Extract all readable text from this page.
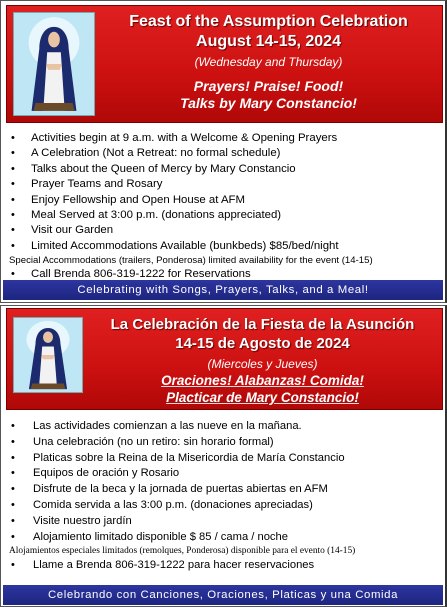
Feast of the Assumption Celebration
August 14-15, 2024
(Wednesday and Thursday)
Prayers! Praise! Food!
Talks by Mary Constancio!
• Activities begin at 9 a.m. with a Welcome & Opening Prayers
• A Celebration (Not a Retreat: no formal schedule)
• Talks about the Queen of Mercy by Mary Constancio
• Prayer Teams and Rosary
• Enjoy Fellowship and Open House at AFM
• Meal Served at 3:00 p.m. (donations appreciated)
• Visit our Garden
• Limited Accommodations Available (bunkbeds) $85/bed/night
Special Accommodations (trailers, Ponderosa) limited availability for the event (14-15)
• Call Brenda 806-319-1222 for Reservations
Celebrating with Songs, Prayers, Talks, and a Meal!
La Celebración de la Fiesta de la Asunción
14-15 de Agosto de 2024
(Miercoles y Jueves)
Oraciones! Alabanzas! Comida!
Placticar de Mary Constancio!
• Las actividades comienzan a las nueve en la mañana.
• Una celebración (no un retiro: sin horario formal)
• Platicas sobre la Reina de la Misericordia de María Constancio
• Equipos de oración y Rosario
• Disfrute de la beca y la jornada de puertas abiertas en AFM
• Comida servida a las 3:00 p.m. (donaciones apreciadas)
• Visite nuestro jardín
• Alojamiento limitado disponible $ 85 / cama / noche
Alojamientos especiales limitados (remolques, Ponderosa) disponible para el evento (14-15)
• Llame a Brenda 806-319-1222 para hacer reservaciones
Celebrando con Canciones, Oraciones, Platicas y una Comida
